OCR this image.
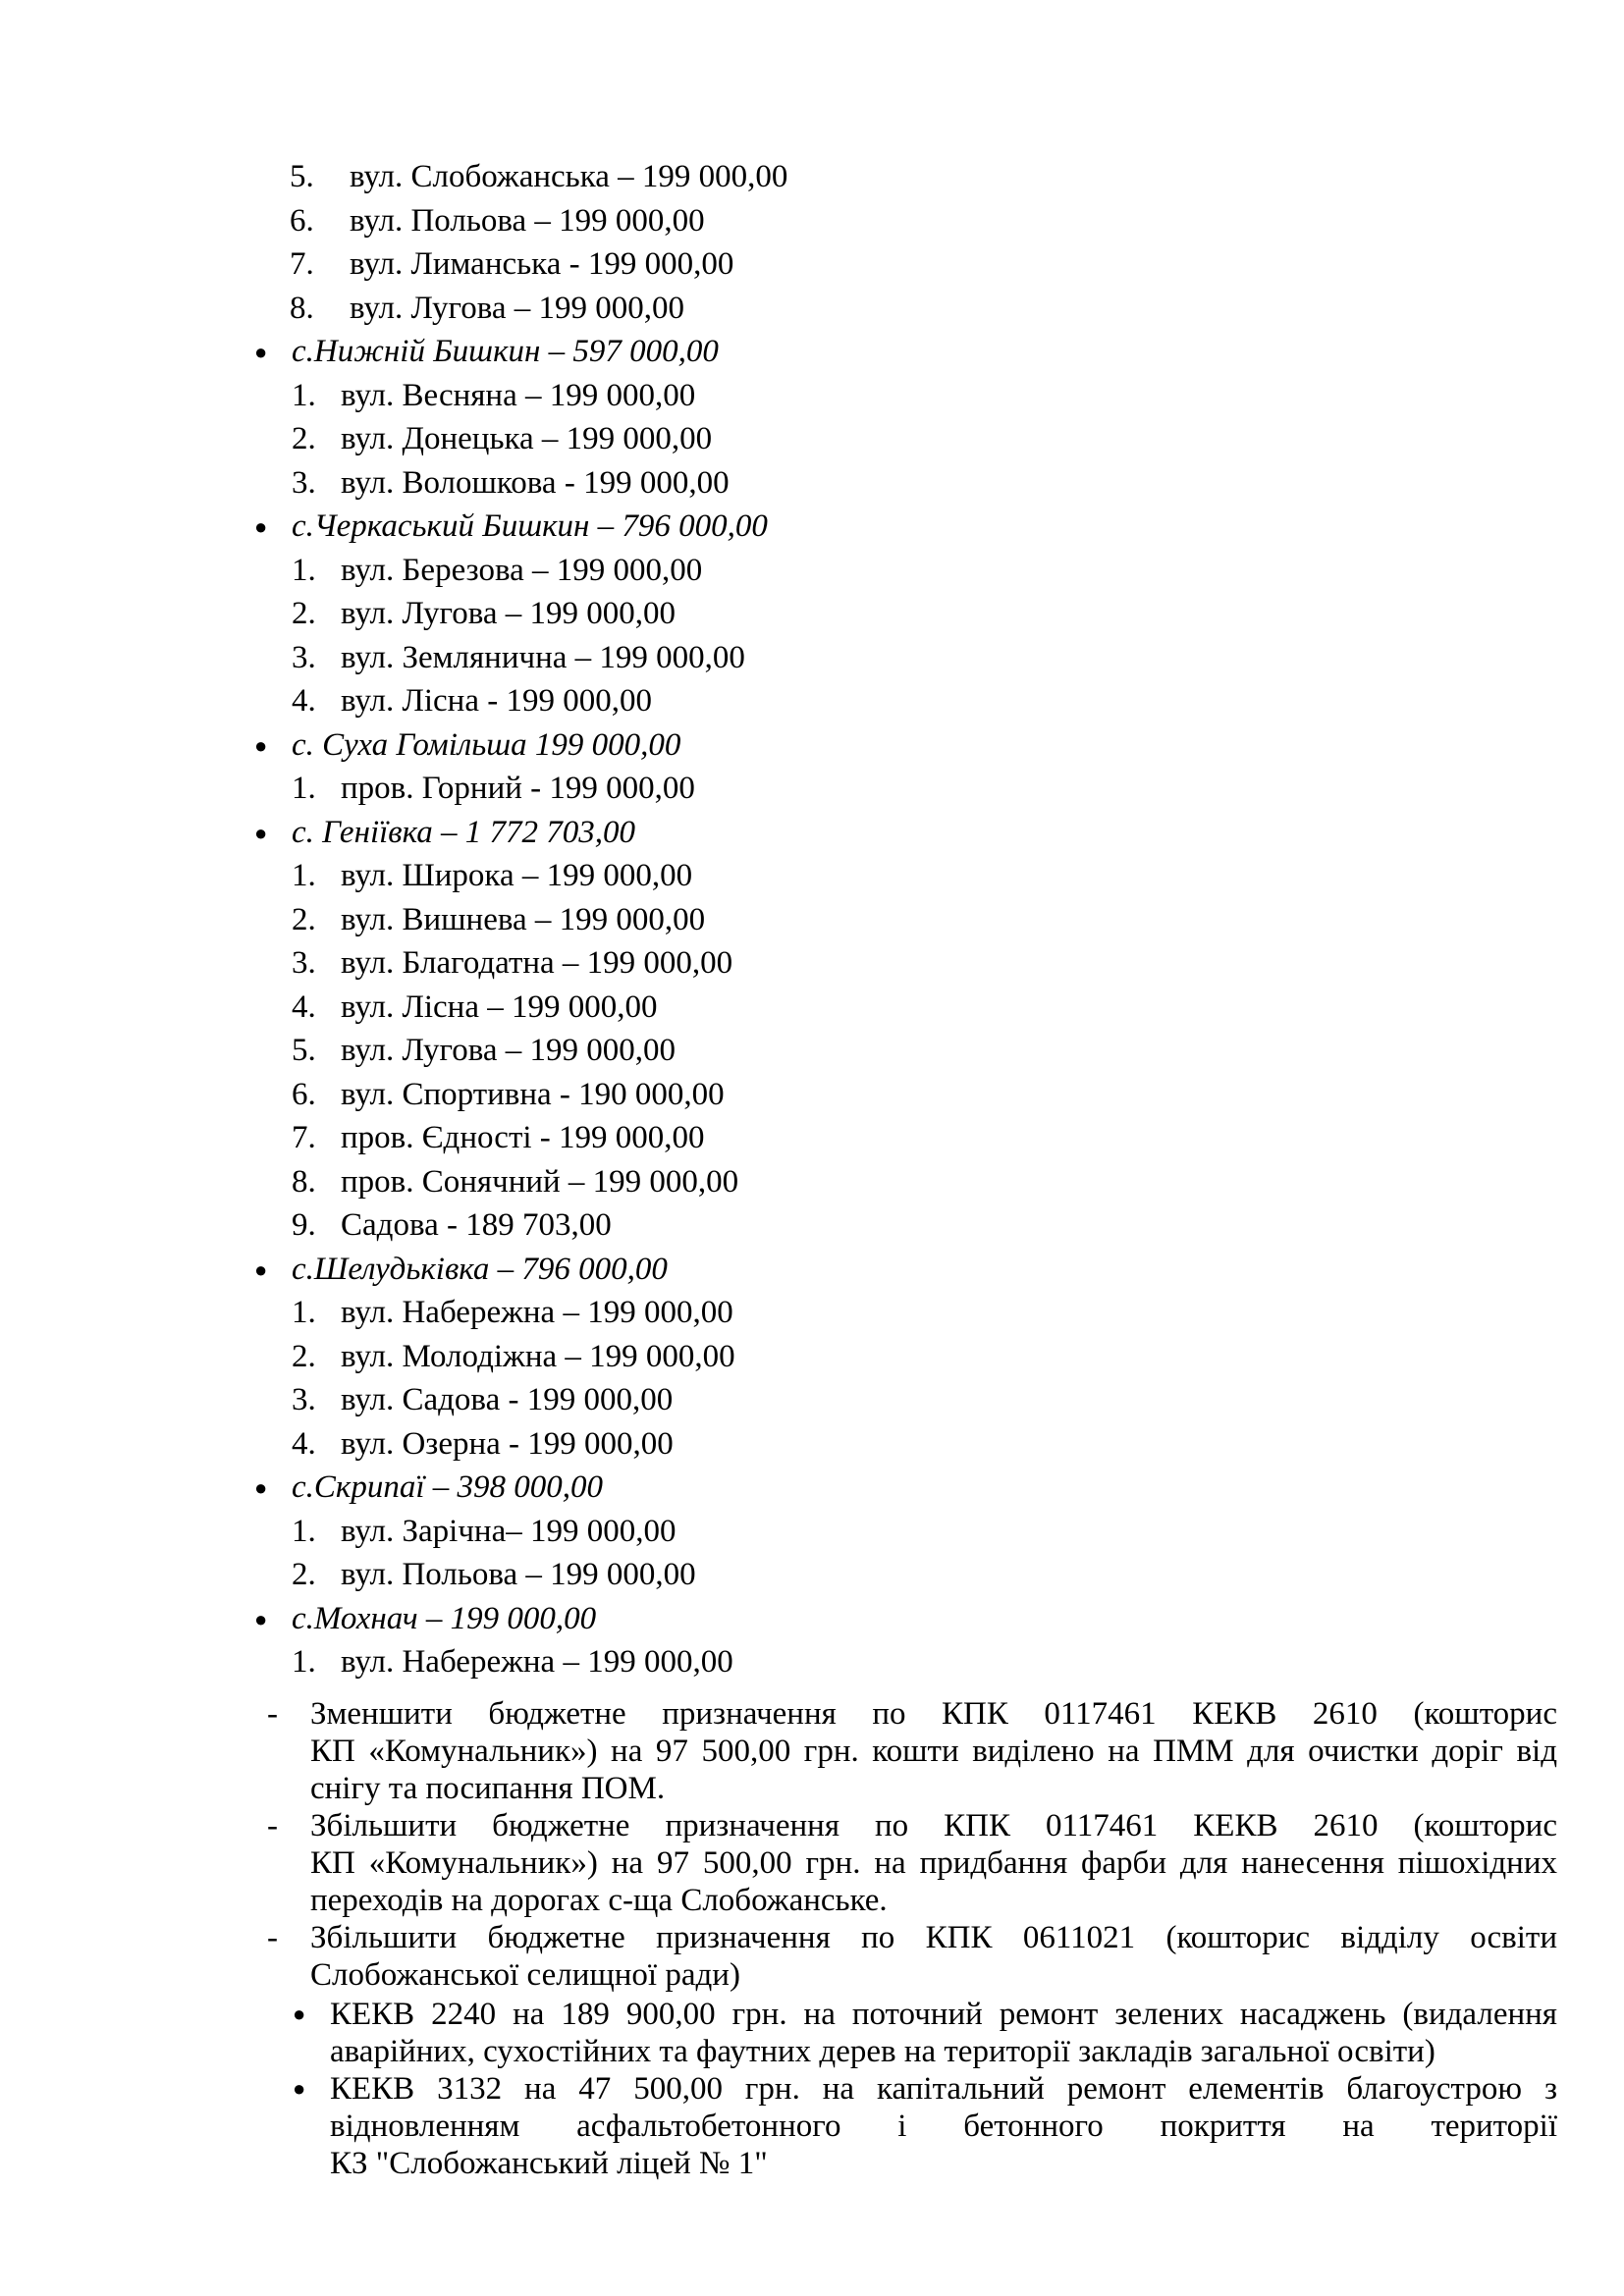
5. вул. Слобожанська – 199 000,00
6. вул. Польова – 199 000,00
7. вул. Лиманська - 199 000,00
8. вул. Лугова – 199 000,00
● с.Нижній Бишкин – 597 000,00
1. вул. Весняна – 199 000,00
2. вул. Донецька – 199 000,00
3. вул. Волошкова - 199 000,00
● с.Черкаський Бишкин – 796 000,00
1. вул. Березова – 199 000,00
2. вул. Лугова – 199 000,00
3. вул. Землянична – 199 000,00
4. вул. Лісна - 199 000,00
● с. Суха Гомільша 199 000,00
1. пров. Горний - 199 000,00
● с. Геніївка – 1 772 703,00
1. вул. Широка – 199 000,00
2. вул. Вишнева – 199 000,00
3. вул. Благодатна – 199 000,00
4. вул. Лісна – 199 000,00
5. вул. Лугова – 199 000,00
6. вул. Спортивна - 190 000,00
7. пров. Єдності - 199 000,00
8. пров. Сонячний – 199 000,00
9. Садова - 189 703,00
● с.Шелудьківка – 796 000,00
1. вул. Набережна – 199 000,00
2. вул. Молодіжна – 199 000,00
3. вул. Садова - 199 000,00
4. вул. Озерна - 199 000,00
● с.Скрипаї – 398 000,00
1. вул. Зарічна– 199 000,00
2. вул. Польова – 199 000,00
● с.Мохнач – 199 000,00
1. вул. Набережна – 199 000,00
- Зменшити бюджетне призначення по КПК 0117461 КЕКВ 2610 (кошторис
КП «Комунальник») на 97 500,00 грн. кошти виділено на ПММ для очистки доріг від
снігу та посипання ПОМ.
- Збільшити бюджетне призначення по КПК 0117461 КЕКВ 2610 (кошторис
КП «Комунальник») на 97 500,00 грн. на придбання фарби для нанесення пішохідних
переходів на дорогах с-ща Слобожанське.
- Збільшити бюджетне призначення по КПК 0611021 (кошторис відділу освіти
Слобожанської селищної ради)
● КЕКВ 2240 на 189 900,00 грн. на поточний ремонт зелених насаджень (видалення
аварійних, сухостійних та фаутних дерев на території закладів загальної освіти)
● КЕКВ 3132 на 47 500,00 грн. на капітальний ремонт елементів благоустрою з
відновленням асфальтобетонного і бетонного покриття на території
КЗ "Слобожанський ліцей № 1"
